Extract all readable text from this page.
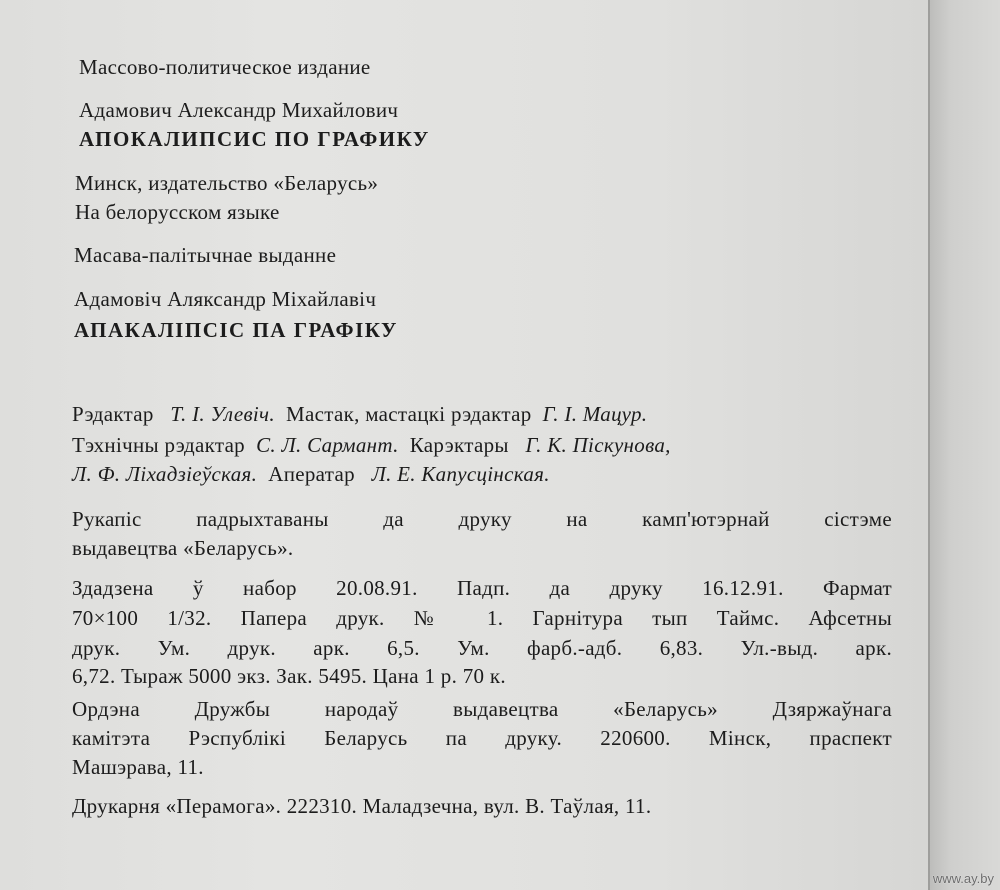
Массово-политическое издание
Адамович Александр Михайлович
АПОКАЛИПСИС ПО ГРАФИКУ
Минск, издательство «Беларусь»
На белорусском языке
Масава-палітычнае выданне
Адамовіч Аляксандр Міхайлавіч
АПАКАЛІПСІС ПА ГРАФІКУ
Рэдактар Т. І. Улевіч. Мастак, мастацкі рэдактар Г. І. Мацур.
Тэхнічны рэдактар С. Л. Сармант. Карэктары Г. К. Піскунова,
Л. Ф. Ліхадзіеўская. Аператар Л. Е. Капусцінская.
Рукапіс падрыхтаваны да друку на камп'ютэрнай сістэме
выдавецтва «Беларусь».
Здадзена ў набор 20.08.91. Падп. да друку 16.12.91. Фармат
70×100 1/32. Папера друк. № 1. Гарнітура тып Таймс. Афсетны
друк. Ум. друк. арк. 6,5. Ум. фарб.-адб. 6,83. Ул.-выд. арк.
6,72. Тыраж 5000 экз. Зак. 5495. Цана 1 р. 70 к.
Ордэна Дружбы народаў выдавецтва «Беларусь» Дзяржаўнага
камітэта Рэспублікі Беларусь па друку. 220600. Мінск, праспект
Машэрава, 11.
Друкарня «Перамога». 222310. Маладзечна, вул. В. Таўлая, 11.
www.ay.by
